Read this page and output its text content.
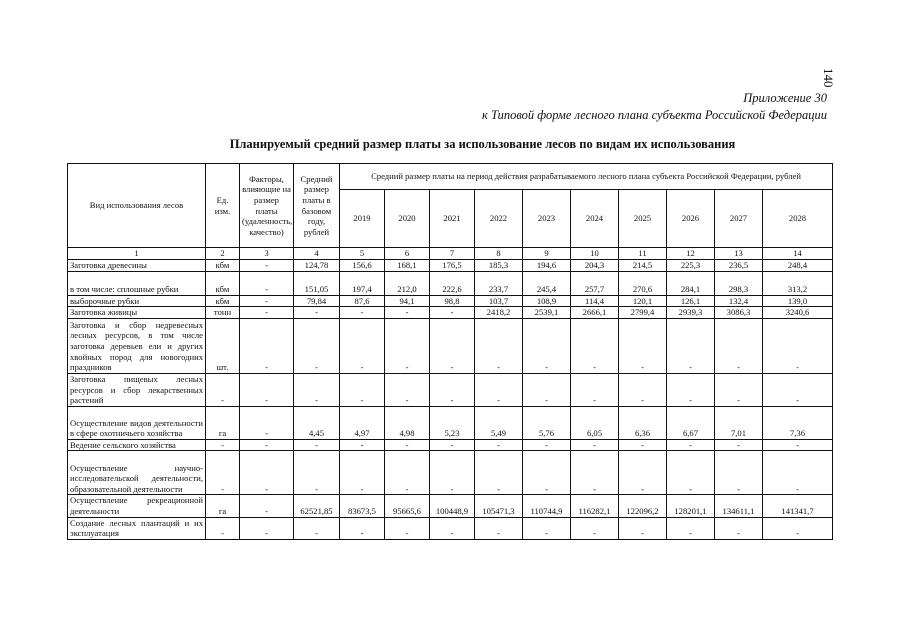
140
Приложение 30
к Типовой форме лесного плана субъекта Российской Федерации
Планируемый средний размер платы за использование лесов по видам их использования
Вид использования лесов	Ед. изм.	Факторы, влияющие на размер платы (удаленность, качество)	Средний размер платы в базовом году, рублей	Средний размер платы на период действия разрабатываемого лесного плана субъекта Российской Федерации, рублей									
				2019	2020	2021	2022	2023	2024	2025	2026	2027	2028
1	2	3	4	5	6	7	8	9	10	11	12	13	14
Заготовка древесины	кбм	-	124,78	156,6	168,1	176,5	185,3	194,6	204,3	214,5	225,3	236,5	248,4
в том числе: сплошные рубки	кбм	-	151,05	197,4	212,0	222,6	233,7	245,4	257,7	270,6	284,1	298,3	313,2
выборочные рубки	кбм	-	79,84	87,6	94,1	98,8	103,7	108,9	114,4	120,1	126,1	132,4	139,0
Заготовка живицы	тонн	-	-	-	-	-	2418,2	2539,1	2666,1	2799,4	2939,3	3086,3	3240,6
Заготовка и сбор недревесных лесных ресурсов, в том числе заготовка деревьев ели и других хвойных пород для новогодних праздников	шт.	-	-	-	-	-	-	-	-	-	-	-	-
Заготовка пищевых лесных ресурсов и сбор лекарственных растений	-	-	-	-	-	-	-	-	-	-	-	-	-
Осуществление видов деятельности в сфере охотничьего хозяйства	га	-	4,45	4,97	4,98	5,23	5,49	5,76	6,05	6,36	6,67	7,01	7,36
Ведение сельского хозяйства	-	-	-	-	-	-	-	-	-	-	-	-	-
Осуществление научно-исследовательской деятельности, образовательной деятельности	-	-	-	-	-	-	-	-	-	-	-	-	-
Осуществление рекреационной деятельности	га	-	62521,85	83673,5	95665,6	100448,9	105471,3	110744,9	116282,1	122096,2	128201,1	134611,1	141341,7
Создание лесных плантаций и их эксплуатация	-	-	-	-	-	-	-	-	-	-	-	-	-
